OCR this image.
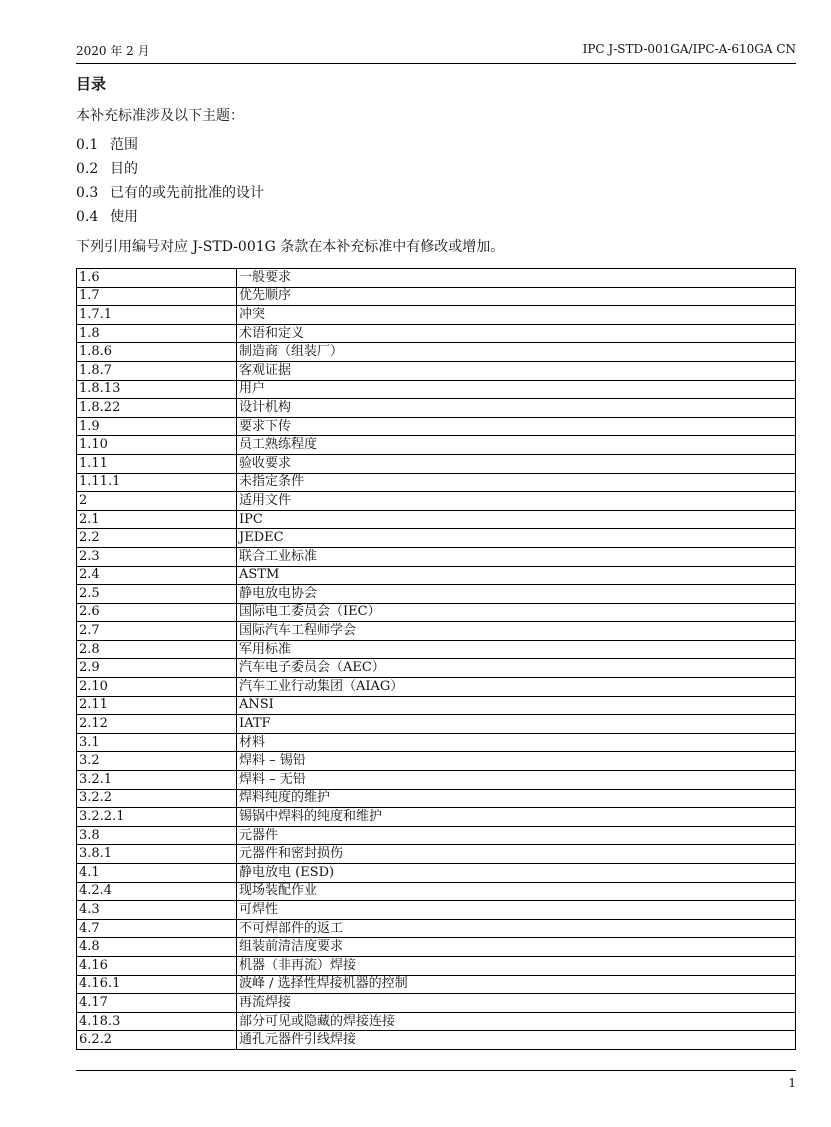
2020 年 2 月	IPC J-STD-001GA/IPC-A-610GA CN
目录
本补充标准涉及以下主题：
0.1 范围
0.2 目的
0.3 已有的或先前批准的设计
0.4 使用
下列引用编号对应 J-STD-001G 条款在本补充标准中有修改或增加。
1.6	一般要求
1.7	优先顺序
1.7.1	冲突
1.8	术语和定义
1.8.6	制造商（组装厂）
1.8.7	客观证据
1.8.13	用户
1.8.22	设计机构
1.9	要求下传
1.10	员工熟练程度
1.11	验收要求
1.11.1	未指定条件
2	适用文件
2.1	IPC
2.2	JEDEC
2.3	联合工业标准
2.4	ASTM
2.5	静电放电协会
2.6	国际电工委员会（IEC）
2.7	国际汽车工程师学会
2.8	军用标准
2.9	汽车电子委员会（AEC）
2.10	汽车工业行动集团（AIAG）
2.11	ANSI
2.12	IATF
3.1	材料
3.2	焊料 – 锡铅
3.2.1	焊料 – 无铅
3.2.2	焊料纯度的维护
3.2.2.1	锡锅中焊料的纯度和维护
3.8	元器件
3.8.1	元器件和密封损伤
4.1	静电放电 (ESD)
4.2.4	现场装配作业
4.3	可焊性
4.7	不可焊部件的返工
4.8	组装前清洁度要求
4.16	机器（非再流）焊接
4.16.1	波峰 / 选择性焊接机器的控制
4.17	再流焊接
4.18.3	部分可见或隐藏的焊接连接
6.2.2	通孔元器件引线焊接
1
